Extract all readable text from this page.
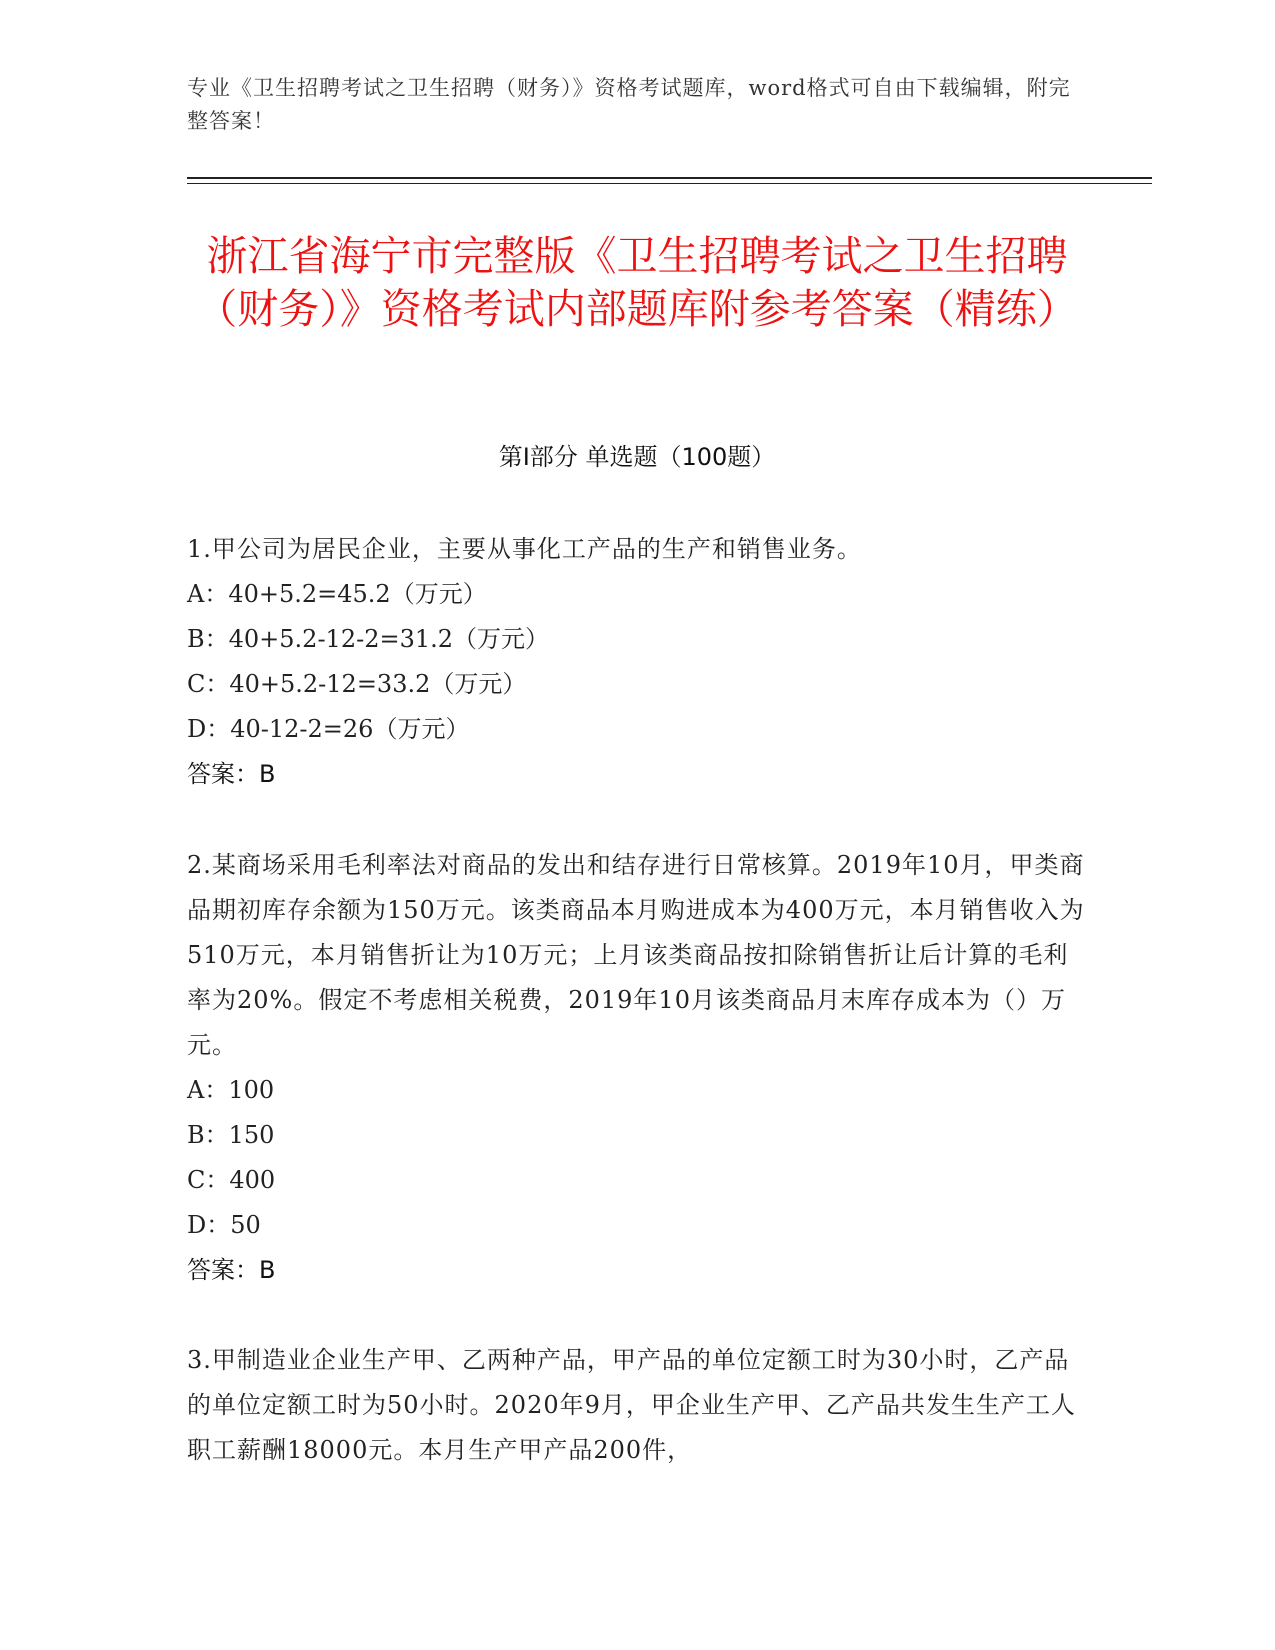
专业《卫生招聘考试之卫生招聘（财务）》资格考试题库，word格式可自由下载编辑，附完整答案！
浙江省海宁市完整版《卫生招聘考试之卫生招聘（财务）》资格考试内部题库附参考答案（精练）
第I部分 单选题（100题）

1.甲公司为居民企业，主要从事化工产品的生产和销售业务。

A：40+5.2=45.2（万元）

B：40+5.2-12-2=31.2（万元）

C：40+5.2-12=33.2（万元）

D：40-12-2=26（万元）

答案：B

2.某商场采用毛利率法对商品的发出和结存进行日常核算。2019年10月，甲类商品期初库存余额为150万元。该类商品本月购进成本为400万元，本月销售收入为510万元，本月销售折让为10万元；上月该类商品按扣除销售折让后计算的毛利率为20%。假定不考虑相关税费，2019年10月该类商品月末库存成本为（）万元。

A：100

B：150

C：400

D：50

答案：B

3.甲制造业企业生产甲、乙两种产品，甲产品的单位定额工时为30小时，乙产品的单位定额工时为50小时。2020年9月，甲企业生产甲、乙产品共发生生产工人职工薪酬18000元。本月生产甲产品200件，
